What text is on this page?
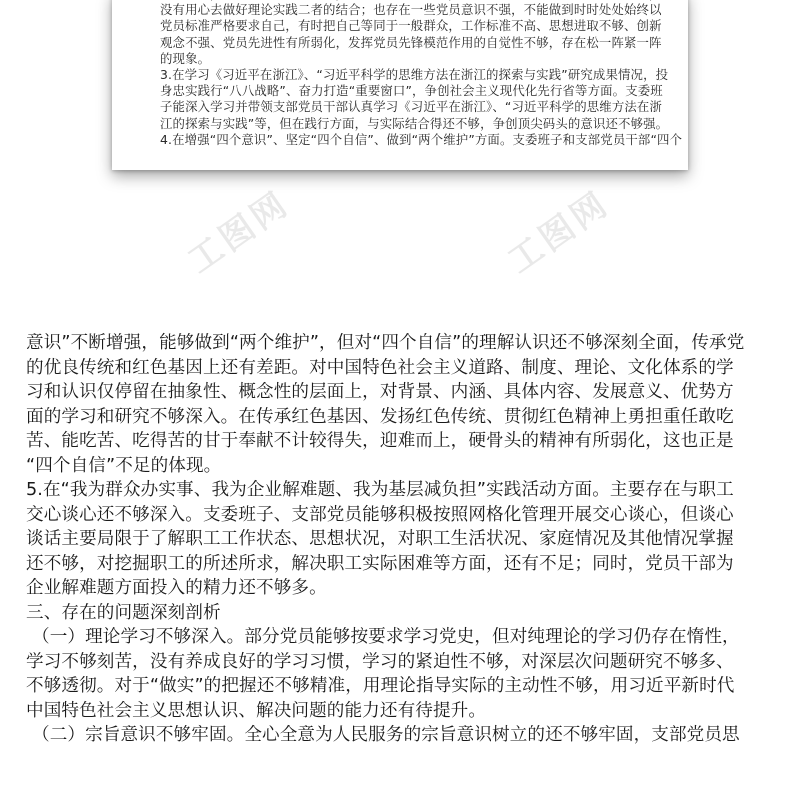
没有用心去做好理论实践二者的结合；也存在一些党员意识不强，不能做到时时处处始终以

党员标准严格要求自己，有时把自己等同于一般群众，工作标准不高、思想进取不够、创新

观念不强、党员先进性有所弱化，发挥党员先锋模范作用的自觉性不够，存在松一阵紧一阵

的现象。

3.在学习《习近平在浙江》、“习近平科学的思维方法在浙江的探索与实践”研究成果情况，投

身忠实践行“八八战略”、奋力打造“重要窗口”，争创社会主义现代化先行省等方面。支委班

子能深入学习并带领支部党员干部认真学习《习近平在浙江》、“习近平科学的思维方法在浙

江的探索与实践”等，但在践行方面，与实际结合得还不够，争创顶尖码头的意识还不够强。

4.在增强“四个意识”、坚定“四个自信”、做到“两个维护”方面。支委班子和支部党员干部“四个

工图网	工图网

意识”不断增强，能够做到“两个维护”，但对“四个自信”的理解认识还不够深刻全面，传承党

的优良传统和红色基因上还有差距。对中国特色社会主义道路、制度、理论、文化体系的学

习和认识仅停留在抽象性、概念性的层面上，对背景、内涵、具体内容、发展意义、优势方

面的学习和研究不够深入。在传承红色基因、发扬红色传统、贯彻红色精神上勇担重任敢吃

苦、能吃苦、吃得苦的甘于奉献不计较得失，迎难而上，硬骨头的精神有所弱化，这也正是

“四个自信”不足的体现。

5.在“我为群众办实事、我为企业解难题、我为基层减负担”实践活动方面。主要存在与职工

交心谈心还不够深入。支委班子、支部党员能够积极按照网格化管理开展交心谈心，但谈心

谈话主要局限于了解职工工作状态、思想状况，对职工生活状况、家庭情况及其他情况掌握

还不够，对挖掘职工的所述所求，解决职工实际困难等方面，还有不足；同时，党员干部为

企业解难题方面投入的精力还不够多。

三、存在的问题深刻剖析

（一）理论学习不够深入。部分党员能够按要求学习党史，但对纯理论的学习仍存在惰性，

学习不够刻苦，没有养成良好的学习习惯，学习的紧迫性不够，对深层次问题研究不够多、

不够透彻。对于“做实”的把握还不够精准，用理论指导实际的主动性不够，用习近平新时代

中国特色社会主义思想认识、解决问题的能力还有待提升。

（二）宗旨意识不够牢固。全心全意为人民服务的宗旨意识树立的还不够牢固，支部党员思
